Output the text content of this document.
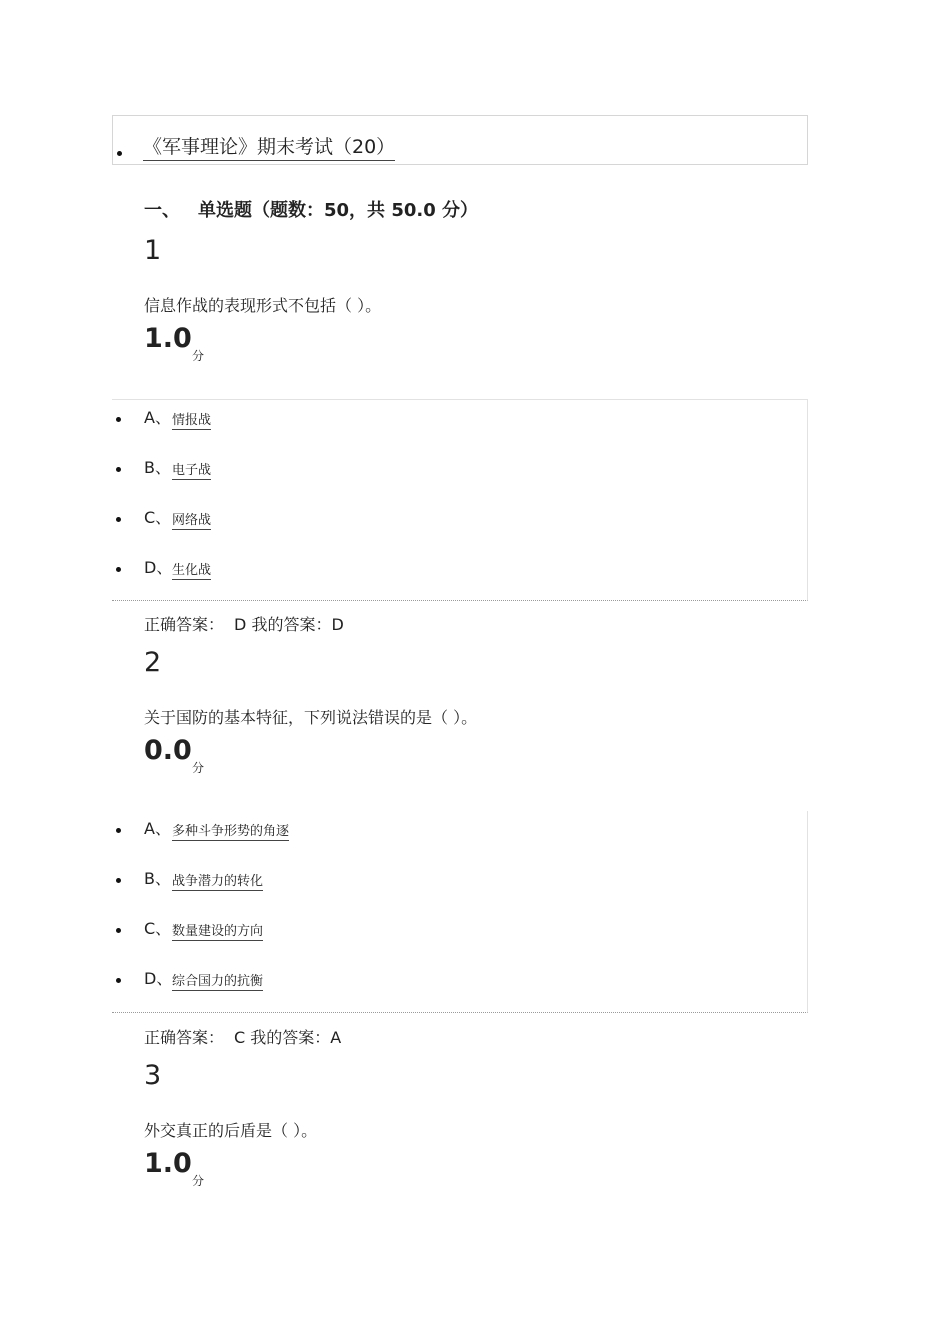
《军事理论》期末考试（20）
一、 单选题（题数：50，共 50.0 分）
1
信息作战的表现形式不包括（ ）。
1.0
分
A、 情报战
B、 电子战
C、 网络战
D、 生化战
正确答案： D 我的答案：D
2
关于国防的基本特征，下列说法错误的是（ ）。
0.0
分
A、 多种斗争形势的角逐
B、 战争潜力的转化
C、 数量建设的方向
D、 综合国力的抗衡
正确答案： C 我的答案：A
3
外交真正的后盾是（ ）。
1.0
分
